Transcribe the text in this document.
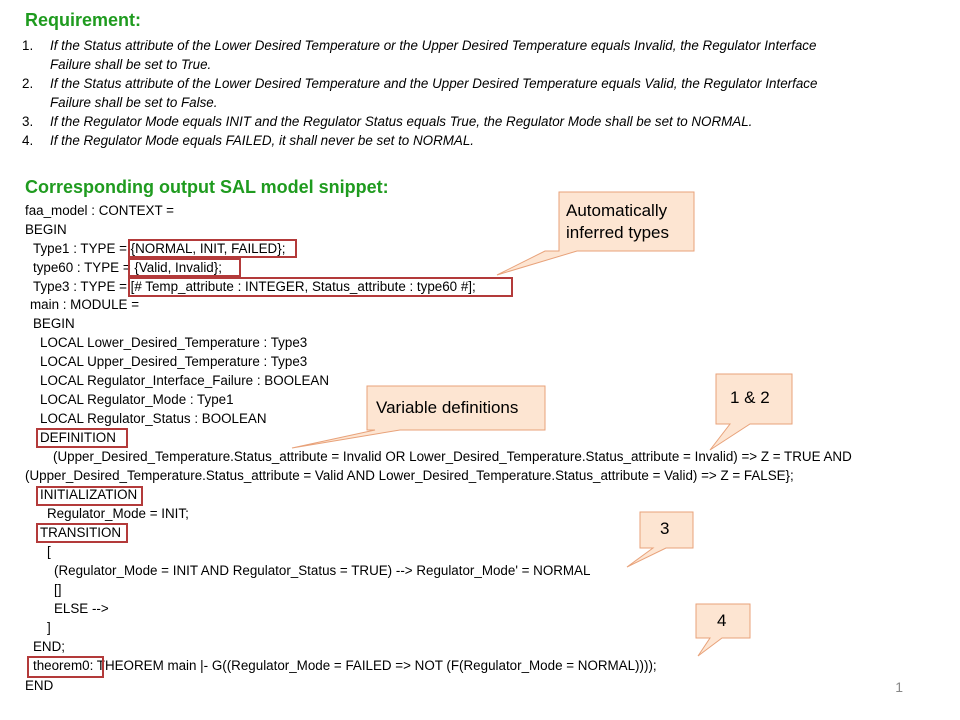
Requirement:
1. If the Status attribute of the Lower Desired Temperature or the Upper Desired Temperature equals Invalid, the Regulator Interface
Failure shall be set to True.
2. If the Status attribute of the Lower Desired Temperature and the Upper Desired Temperature equals Valid, the Regulator Interface
Failure shall be set to False.
3. If the Regulator Mode equals INIT and the Regulator Status equals True, the Regulator Mode shall be set to NORMAL.
4. If the Regulator Mode equals FAILED, it shall never be set to NORMAL.
Corresponding output SAL model snippet:
faa_model : CONTEXT =
BEGIN
Type1 : TYPE = {NORMAL, INIT, FAILED};
type60 : TYPE = {Valid, Invalid};
Type3 : TYPE = [# Temp_attribute : INTEGER, Status_attribute : type60 #];
main : MODULE =
BEGIN
LOCAL Lower_Desired_Temperature : Type3
LOCAL Upper_Desired_Temperature : Type3
LOCAL Regulator_Interface_Failure : BOOLEAN
LOCAL Regulator_Mode : Type1
LOCAL Regulator_Status : BOOLEAN
DEFINITION
(Upper_Desired_Temperature.Status_attribute = Invalid OR Lower_Desired_Temperature.Status_attribute = Invalid) => Z = TRUE AND
(Upper_Desired_Temperature.Status_attribute = Valid AND Lower_Desired_Temperature.Status_attribute = Valid) => Z = FALSE};
INITIALIZATION
Regulator_Mode = INIT;
TRANSITION
[
(Regulator_Mode = INIT AND Regulator_Status = TRUE) --> Regulator_Mode' = NORMAL
[]
ELSE -->
]
END;
theorem0: THEOREM main |- G((Regulator_Mode = FAILED => NOT (F(Regulator_Mode = NORMAL))));
END
Automatically
inferred types
Variable definitions
1 & 2
3
4
1
